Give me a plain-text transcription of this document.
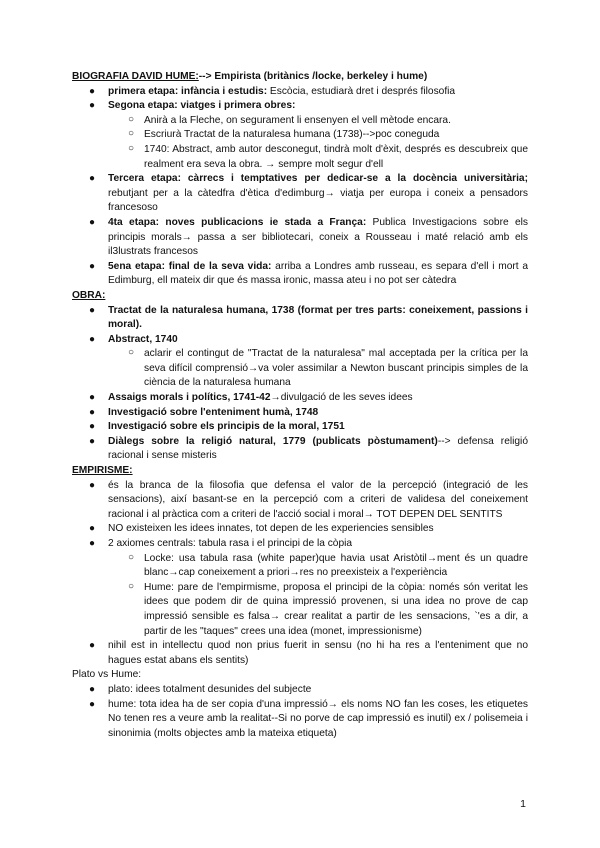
BIOGRAFIA DAVID HUME:--> Empirista (britànics /locke, berkeley i hume)
● primera etapa: infància i estudis: Escòcia, estudiarà dret i després filosofia
● Segona etapa: viatges i primera obres:
○ Anirà a la Fleche, on segurament li ensenyen el vell mètode encara.
○ Escriurà Tractat de la naturalesa humana (1738)-->poc coneguda
○ 1740: Abstract, amb autor desconegut, tindrà molt d'èxit, després es descubreix que realment era seva la obra. → sempre molt segur d'ell
● Tercera etapa: càrrecs i temptatives per dedicar-se a la docència universitària; rebutjant per a la càtedfra d'ètica d'edimburg→ viatja per europa i coneix a pensadors francesoso
● 4ta etapa: noves publicacions ie stada a França: Publica Investigacions sobre els principis morals→ passa a ser bibliotecari, coneix a Rousseau i maté relació amb els il3lustrats francesos
● 5ena etapa: final de la seva vida: arriba a Londres amb russeau, es separa d'ell i mort a Edimburg, ell mateix dir que és massa ironic, massa ateu i no pot ser càtedra
OBRA:
● Tractat de la naturalesa humana, 1738 (format per tres parts: coneixement, passions i moral).
● Abstract, 1740
○ aclarir el contingut de "Tractat de la naturalesa" mal acceptada per la crítica per la seva difícil comprensió→va voler assimilar a Newton buscant principis simples de la ciència de la naturalesa humana
● Assaigs morals i polítics, 1741-42→divulgació de les seves idees
● Investigació sobre l'enteniment humà, 1748
● Investigació sobre els principis de la moral, 1751
● Diàlegs sobre la religió natural, 1779 (publicats pòstumament)--> defensa religió racional i sense misteris
EMPIRISME:
● és la branca de la filosofia que defensa el valor de la percepció (integració de les sensacions), així basant-se en la percepció com a criteri de validesa del coneixement racional i al pràctica com a criteri de l'acció social i moral→ TOT DEPEN DEL SENTITS
● NO existeixen les idees innates, tot depen de les experiencies sensibles
● 2 axiomes centrals: tabula rasa i el principi de la còpia
○ Locke: usa tabula rasa (white paper)que havia usat Aristòtil→ment és un quadre blanc→cap coneixement a priori→res no preexisteix a l'experiència
○ Hume: pare de l'empirmisme, proposa el principi de la còpia: només són veritat les idees que podem dir de quina impressió provenen, si una idea no prove de cap impressió sensible es falsa→ crear realitat a partir de les sensacions, `'es a dir, a partir de les "taques" crees una idea (monet, impressionisme)
● nihil est in intellectu quod non prius fuerit in sensu (no hi ha res a l'enteniment que no hagues estat abans els sentits)
Plato vs Hume:
● plato: idees totalment desunides del subjecte
● hume: tota idea ha de ser copia d'una impressió→ els noms NO fan les coses, les etiquetes No tenen res a veure amb la realitat--Si no porve de cap impressió es inutil) ex / polisemeia i sinonimia (molts objectes amb la mateixa etiqueta)
1
